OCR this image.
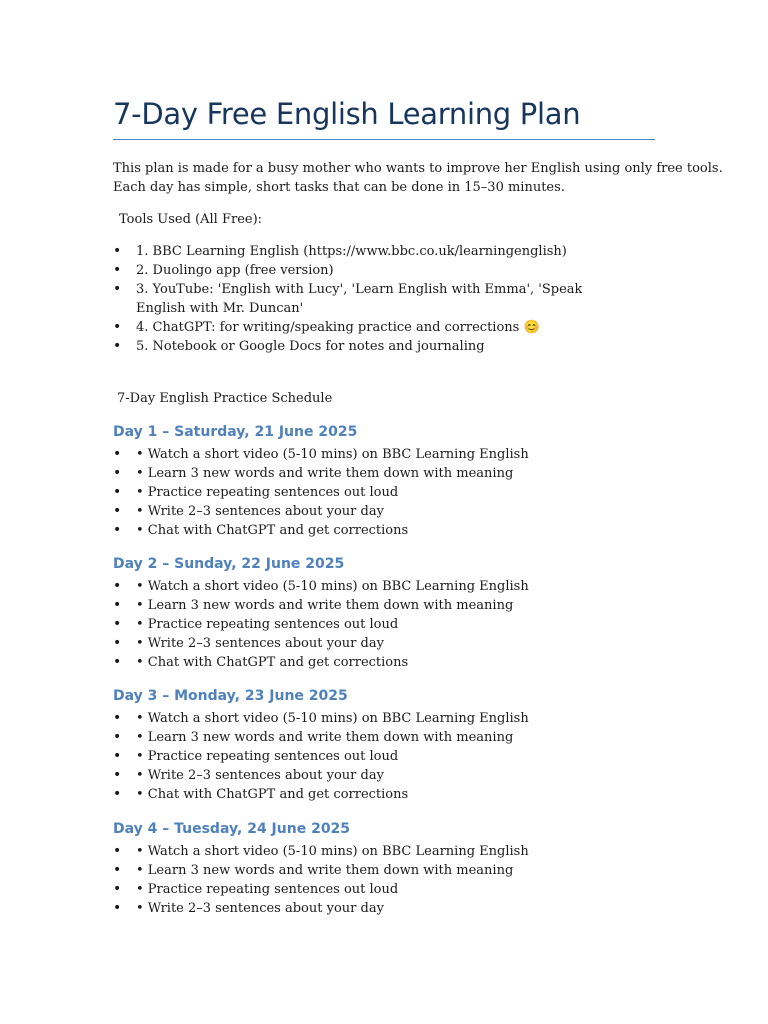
7-Day Free English Learning Plan
This plan is made for a busy mother who wants to improve her English using only free tools.
Each day has simple, short tasks that can be done in 15–30 minutes.
Tools Used (All Free):
• 1. BBC Learning English (https://www.bbc.co.uk/learningenglish)
• 2. Duolingo app (free version)
• 3. YouTube: 'English with Lucy', 'Learn English with Emma', 'Speak English with Mr. Duncan'
• 4. ChatGPT: for writing/speaking practice and corrections 😊
• 5. Notebook or Google Docs for notes and journaling
7-Day English Practice Schedule
Day 1 – Saturday, 21 June 2025
• • Watch a short video (5-10 mins) on BBC Learning English
• • Learn 3 new words and write them down with meaning
• • Practice repeating sentences out loud
• • Write 2–3 sentences about your day
• • Chat with ChatGPT and get corrections
Day 2 – Sunday, 22 June 2025
• • Watch a short video (5-10 mins) on BBC Learning English
• • Learn 3 new words and write them down with meaning
• • Practice repeating sentences out loud
• • Write 2–3 sentences about your day
• • Chat with ChatGPT and get corrections
Day 3 – Monday, 23 June 2025
• • Watch a short video (5-10 mins) on BBC Learning English
• • Learn 3 new words and write them down with meaning
• • Practice repeating sentences out loud
• • Write 2–3 sentences about your day
• • Chat with ChatGPT and get corrections
Day 4 – Tuesday, 24 June 2025
• • Watch a short video (5-10 mins) on BBC Learning English
• • Learn 3 new words and write them down with meaning
• • Practice repeating sentences out loud
• • Write 2–3 sentences about your day
